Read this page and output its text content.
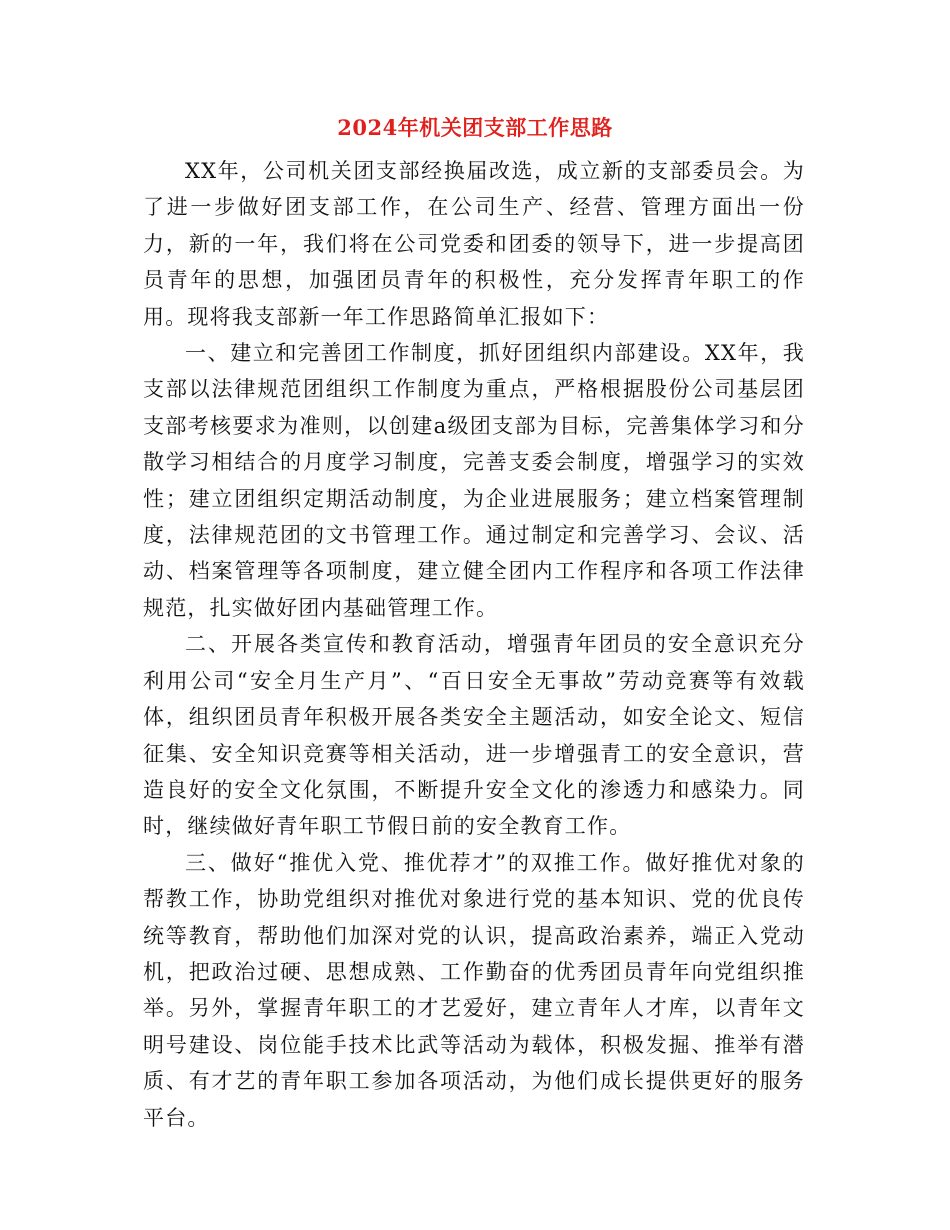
2024年机关团支部工作思路

XX年，公司机关团支部经换届改选，成立新的支部委员会。为了进一步做好团支部工作，在公司生产、经营、管理方面出一份力，新的一年，我们将在公司党委和团委的领导下，进一步提高团员青年的思想，加强团员青年的积极性，充分发挥青年职工的作用。现将我支部新一年工作思路简单汇报如下：

一、建立和完善团工作制度，抓好团组织内部建设。XX年，我支部以法律规范团组织工作制度为重点，严格根据股份公司基层团支部考核要求为准则，以创建a级团支部为目标，完善集体学习和分散学习相结合的月度学习制度，完善支委会制度，增强学习的实效性；建立团组织定期活动制度，为企业进展服务；建立档案管理制度，法律规范团的文书管理工作。通过制定和完善学习、会议、活动、档案管理等各项制度，建立健全团内工作程序和各项工作法律规范，扎实做好团内基础管理工作。

二、开展各类宣传和教育活动，增强青年团员的安全意识充分利用公司“安全月生产月”、“百日安全无事故”劳动竞赛等有效载体，组织团员青年积极开展各类安全主题活动，如安全论文、短信征集、安全知识竞赛等相关活动，进一步增强青工的安全意识，营造良好的安全文化氛围，不断提升安全文化的渗透力和感染力。同时，继续做好青年职工节假日前的安全教育工作。

三、做好“推优入党、推优荐才”的双推工作。做好推优对象的帮教工作，协助党组织对推优对象进行党的基本知识、党的优良传统等教育，帮助他们加深对党的认识，提高政治素养，端正入党动机，把政治过硬、思想成熟、工作勤奋的优秀团员青年向党组织推举。另外，掌握青年职工的才艺爱好，建立青年人才库，以青年文明号建设、岗位能手技术比武等活动为载体，积极发掘、推举有潜质、有才艺的青年职工参加各项活动，为他们成长提供更好的服务平台。
